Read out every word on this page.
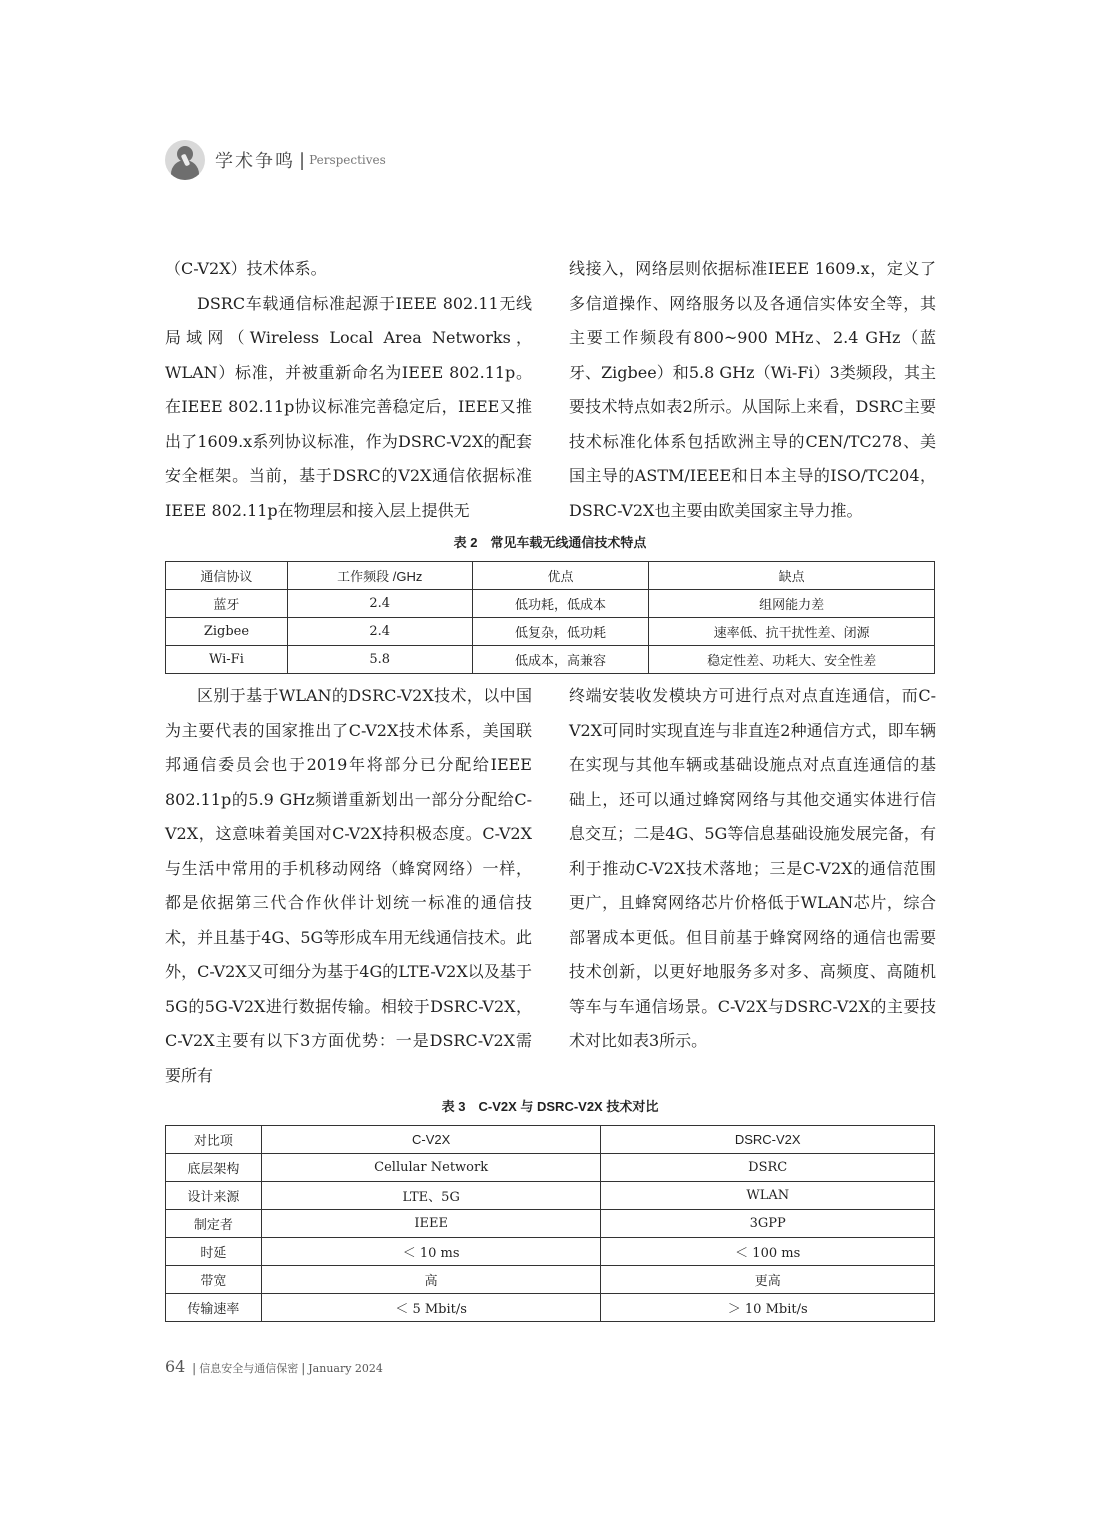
学术争鸣 | Perspectives

（C-V2X）技术体系。

DSRC车载通信标准起源于IEEE 802.11无线局域网（Wireless Local Area Networks，WLAN）标准，并被重新命名为IEEE 802.11p。在IEEE 802.11p协议标准完善稳定后，IEEE又推出了1609.x系列协议标准，作为DSRC-V2X的配套安全框架。当前，基于DSRC的V2X通信依据标准IEEE 802.11p在物理层和接入层上提供无

线接入，网络层则依据标准IEEE 1609.x，定义了多信道操作、网络服务以及各通信实体安全等，其主要工作频段有800~900 MHz、2.4 GHz（蓝牙、Zigbee）和5.8 GHz（Wi-Fi）3类频段，其主要技术特点如表2所示。从国际上来看，DSRC主要技术标准化体系包括欧洲主导的CEN/TC278、美国主导的ASTM/IEEE和日本主导的ISO/TC204，DSRC-V2X也主要由欧美国家主导力推。

表 2　常见车载无线通信技术特点
通信协议	工作频段 /GHz	优点	缺点
蓝牙	2.4	低功耗，低成本	组网能力差
Zigbee	2.4	低复杂，低功耗	速率低、抗干扰性差、闭源
Wi-Fi	5.8	低成本，高兼容	稳定性差、功耗大、安全性差

区别于基于WLAN的DSRC-V2X技术，以中国为主要代表的国家推出了C-V2X技术体系，美国联邦通信委员会也于2019年将部分已分配给IEEE 802.11p的5.9 GHz频谱重新划出一部分分配给C-V2X，这意味着美国对C-V2X持积极态度。C-V2X与生活中常用的手机移动网络（蜂窝网络）一样，都是依据第三代合作伙伴计划统一标准的通信技术，并且基于4G、5G等形成车用无线通信技术。此外，C-V2X又可细分为基于4G的LTE-V2X以及基于5G的5G-V2X进行数据传输。相较于DSRC-V2X，C-V2X主要有以下3方面优势：一是DSRC-V2X需要所有

终端安装收发模块方可进行点对点直连通信，而C-V2X可同时实现直连与非直连2种通信方式，即车辆在实现与其他车辆或基础设施点对点直连通信的基础上，还可以通过蜂窝网络与其他交通实体进行信息交互；二是4G、5G等信息基础设施发展完备，有利于推动C-V2X技术落地；三是C-V2X的通信范围更广，且蜂窝网络芯片价格低于WLAN芯片，综合部署成本更低。但目前基于蜂窝网络的通信也需要技术创新，以更好地服务多对多、高频度、高随机等车与车通信场景。C-V2X与DSRC-V2X的主要技术对比如表3所示。

表 3　C-V2X 与 DSRC-V2X 技术对比
对比项	C-V2X	DSRC-V2X
底层架构	Cellular Network	DSRC
设计来源	LTE、5G	WLAN
制定者	IEEE	3GPP
时延	＜ 10 ms	＜ 100 ms
带宽	高	更高
传输速率	＜ 5 Mbit/s	＞ 10 Mbit/s
64 | 信息安全与通信保密 | January 2024
